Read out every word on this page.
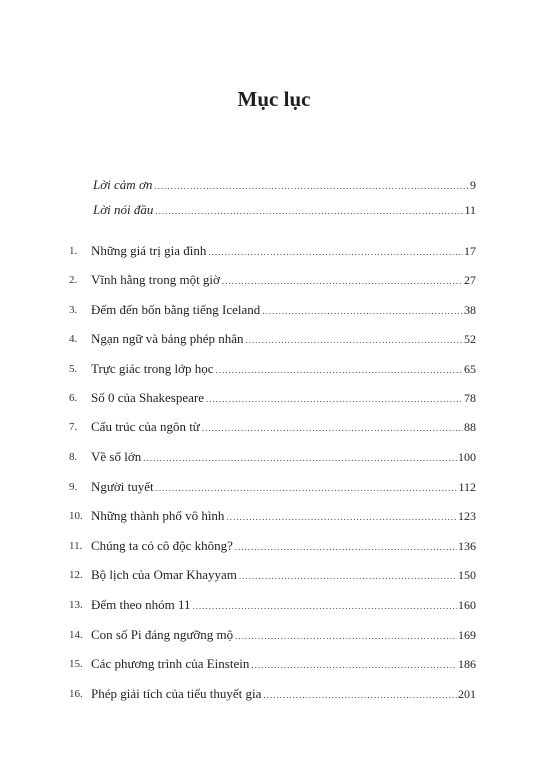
Mục lục
Lời cảm ơn .....	9
Lời nói đầu .....	11
1. Những giá trị gia đình .....	17
2. Vĩnh hằng trong một giờ .....	27
3. Đếm đến bốn bằng tiếng Iceland .....	38
4. Ngạn ngữ và bảng phép nhân .....	52
5. Trực giác trong lớp học .....	65
6. Số 0 của Shakespeare .....	78
7. Cấu trúc của ngôn từ .....	88
8. Về số lớn .....	100
9. Người tuyết .....	112
10. Những thành phố vô hình .....	123
11. Chúng ta có cô độc không? .....	136
12. Bộ lịch của Omar Khayyam .....	150
13. Đếm theo nhóm 11 .....	160
14. Con số Pi đáng ngưỡng mộ .....	169
15. Các phương trình của Einstein .....	186
16. Phép giải tích của tiểu thuyết gia .....	201
